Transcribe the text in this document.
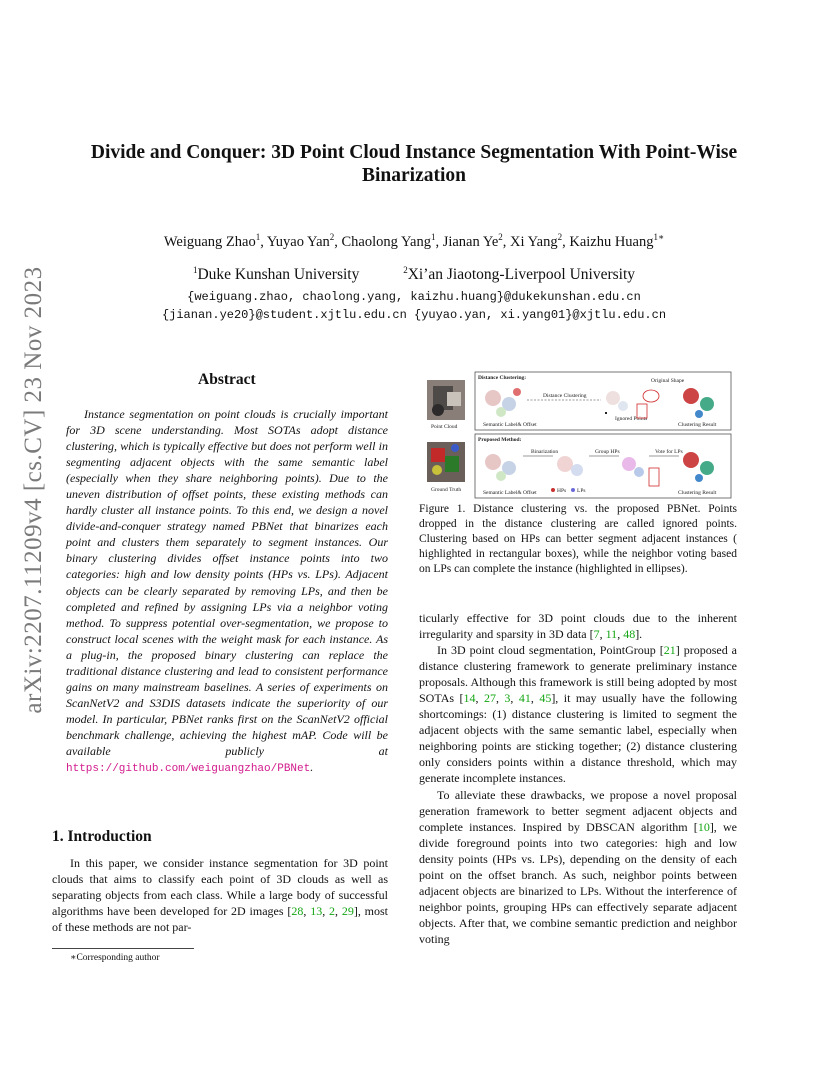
arXiv:2207.11209v4 [cs.CV] 23 Nov 2023
Divide and Conquer: 3D Point Cloud Instance Segmentation With Point-Wise
Binarization
Weiguang Zhao$^1$, Yuyao Yan$^2$, Chaolong Yang$^1$, Jianan Ye$^2$, Xi Yang$^2$, Kaizhu Huang$^{1∗}$
$^1$Duke Kunshan University	$^2$Xi’an Jiaotong-Liverpool University
{weiguang.zhao, chaolong.yang, kaizhu.huang}@dukekunshan.edu.cn
{jianan.ye20}@student.xjtlu.edu.cn {yuyao.yan, xi.yang01}@xjtlu.edu.cn
Abstract

Instance segmentation on point clouds is crucially important for 3D scene understanding. Most SOTAs adopt distance clustering, which is typically effective but does not perform well in segmenting adjacent objects with the same semantic label (especially when they share neighboring points). Due to the uneven distribution of offset points, these existing methods can hardly cluster all instance points. To this end, we design a novel divide-and-conquer strategy named PBNet that binarizes each point and clusters them separately to segment instances. Our binary clustering divides offset instance points into two categories: high and low density points (HPs vs. LPs). Adjacent objects can be clearly separated by removing LPs, and then be completed and refined by assigning LPs via a neighbor voting method. To suppress potential over-segmentation, we propose to construct local scenes with the weight mask for each instance. As a plug-in, the proposed binary clustering can replace the traditional distance clustering and lead to consistent performance gains on many mainstream baselines. A series of experiments on ScanNetV2 and S3DIS datasets indicate the superiority of our model. In particular, PBNet ranks first on the ScanNetV2 official benchmark challenge, achieving the highest mAP. Code will be available publicly at https://github.com/weiguangzhao/PBNet.

1. Introduction

In this paper, we consider instance segmentation for 3D point clouds that aims to classify each point of 3D clouds as well as separating objects from each class. While a large body of successful algorithms have been developed for 2D images [28, 13, 2, 29], most of these methods are not par-

∗Corresponding author
Point Cloud
Ground Truth
Distance Clustering:
Semantic Label& Offset
Distance Clustering
Ignored Points
Original Shape
Clustering Result
Proposed Method:
Semantic Label& Offset
Binarization
HPs LPs
Group HPs	Vote for LPs
Clustering Result
Figure 1. Distance clustering vs. the proposed PBNet. Points dropped in the distance clustering are called ignored points. Clustering based on HPs can better segment adjacent instances ( highlighted in rectangular boxes), while the neighbor voting based on LPs can complete the instance (highlighted in ellipses).

ticularly effective for 3D point clouds due to the inherent irregularity and sparsity in 3D data [7, 11, 48].

In 3D point cloud segmentation, PointGroup [21] proposed a distance clustering framework to generate preliminary instance proposals. Although this framework is still being adopted by most SOTAs [14, 27, 3, 41, 45], it may usually have the following shortcomings: (1) distance clustering is limited to segment the adjacent objects with the same semantic label, especially when neighboring points are sticking together; (2) distance clustering only considers points within a distance threshold, which may generate incomplete instances.

To alleviate these drawbacks, we propose a novel proposal generation framework to better segment adjacent objects and complete instances. Inspired by DBSCAN algorithm [10], we divide foreground points into two categories: high and low density points (HPs vs. LPs), depending on the density of each point on the offset branch. As such, neighbor points between adjacent objects are binarized to LPs. Without the interference of neighbor points, grouping HPs can effectively separate adjacent objects. After that, we combine semantic prediction and neighbor voting
